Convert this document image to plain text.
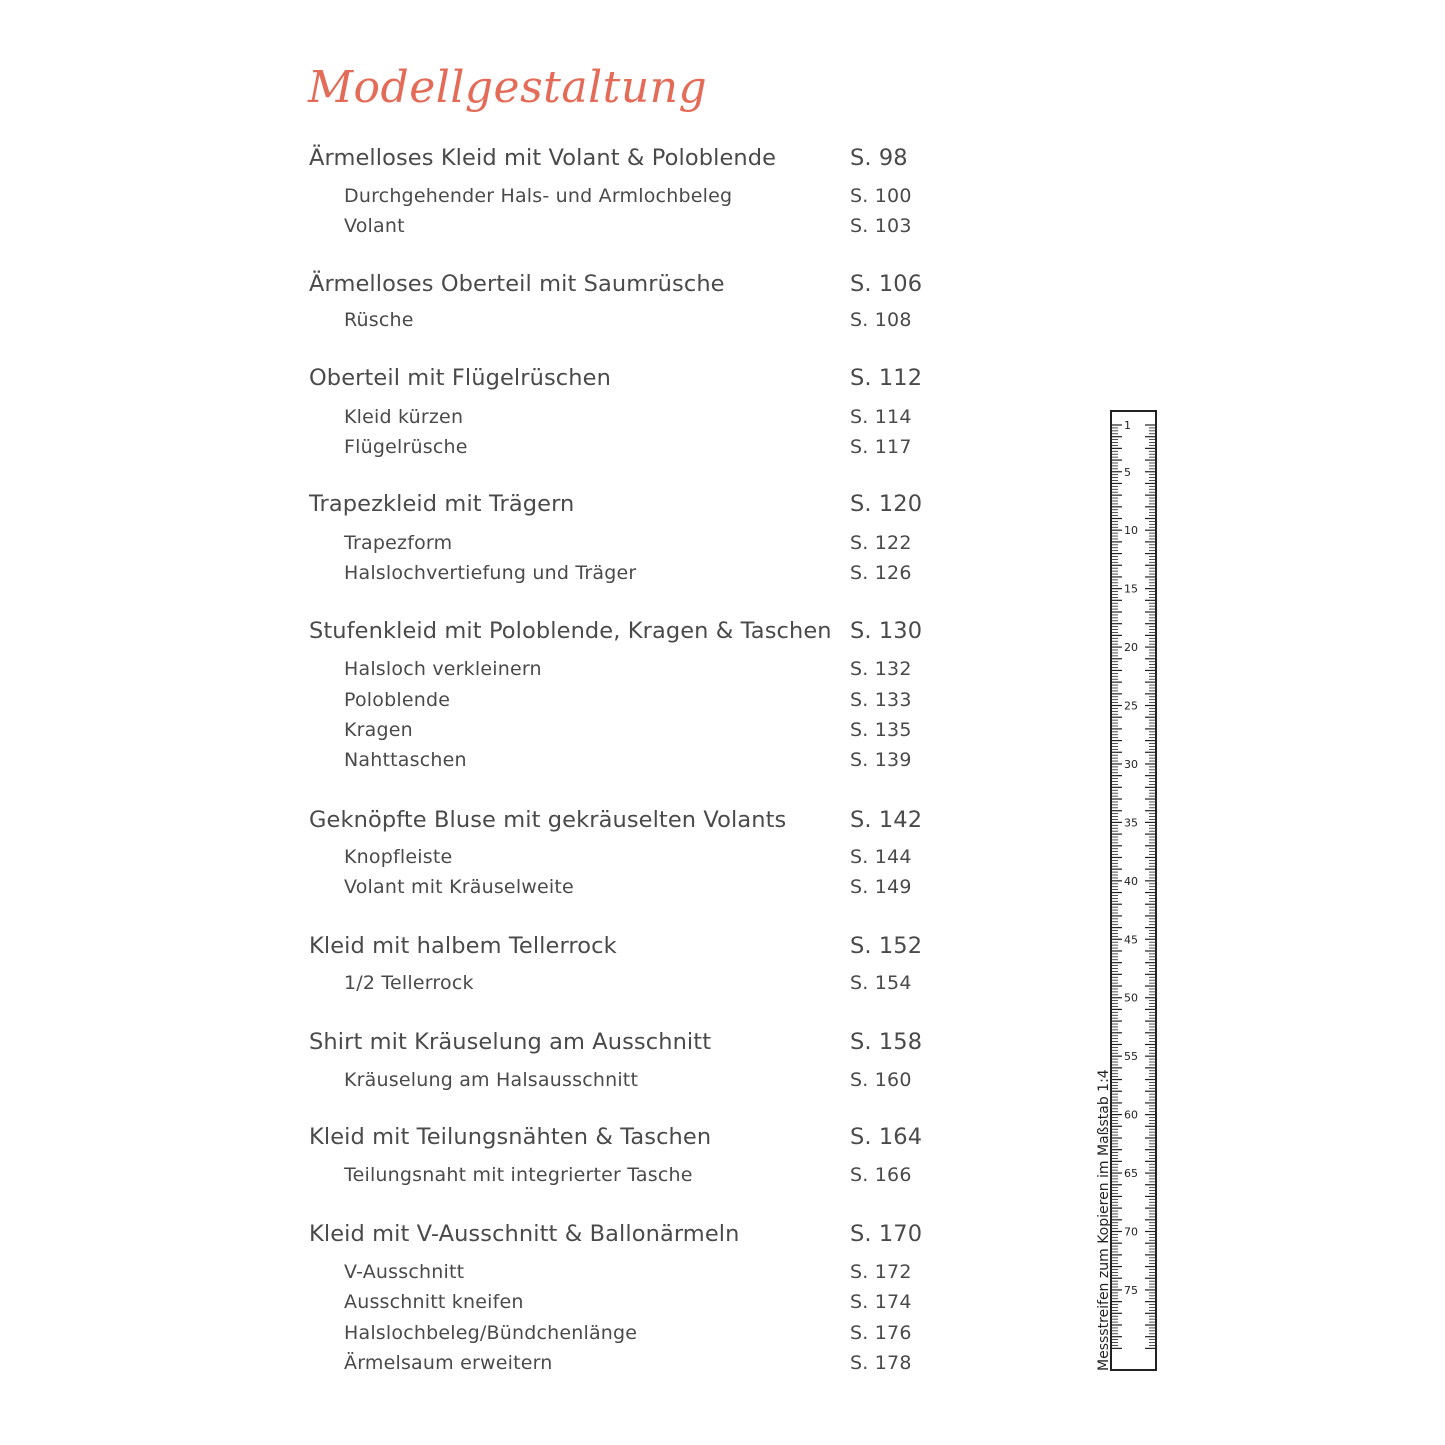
Modellgestaltung
Ärmelloses Kleid mit Volant & Poloblende	S. 98
Durchgehender Hals- und Armlochbeleg	S. 100
Volant	S. 103
Ärmelloses Oberteil mit Saumrüsche	S. 106
Rüsche	S. 108
Oberteil mit Flügelrüschen	S. 112
Kleid kürzen	S. 114
Flügelrüsche	S. 117
Trapezkleid mit Trägern	S. 120
Trapezform	S. 122
Halslochvertiefung und Träger	S. 126
Stufenkleid mit Poloblende, Kragen & Taschen S. 130
Halsloch verkleinern	S. 132
Poloblende	S. 133
Kragen	S. 135
Nahttaschen	S. 139
Geknöpfte Bluse mit gekräuselten Volants	S. 142
Knopfleiste	S. 144
Volant mit Kräuselweite	S. 149
Kleid mit halbem Tellerrock	S. 152
1/2 Tellerrock	S. 154
Shirt mit Kräuselung am Ausschnitt	S. 158
Kräuselung am Halsausschnitt	S. 160
Kleid mit Teilungsnähten & Taschen	S. 164
Teilungsnaht mit integrierter Tasche	S. 166
Kleid mit V-Ausschnitt & Ballonärmeln	S. 170
V-Ausschnitt	S. 172
Ausschnitt kneifen	S. 174
Halslochbeleg/Bündchenlänge	S. 176
Ärmelsaum erweitern	S. 178
1
5
10
15
20
25
30
35
40
45
50
55
60
65
70
75
Messstreifen zum Kopieren im Maßstab 1:4
